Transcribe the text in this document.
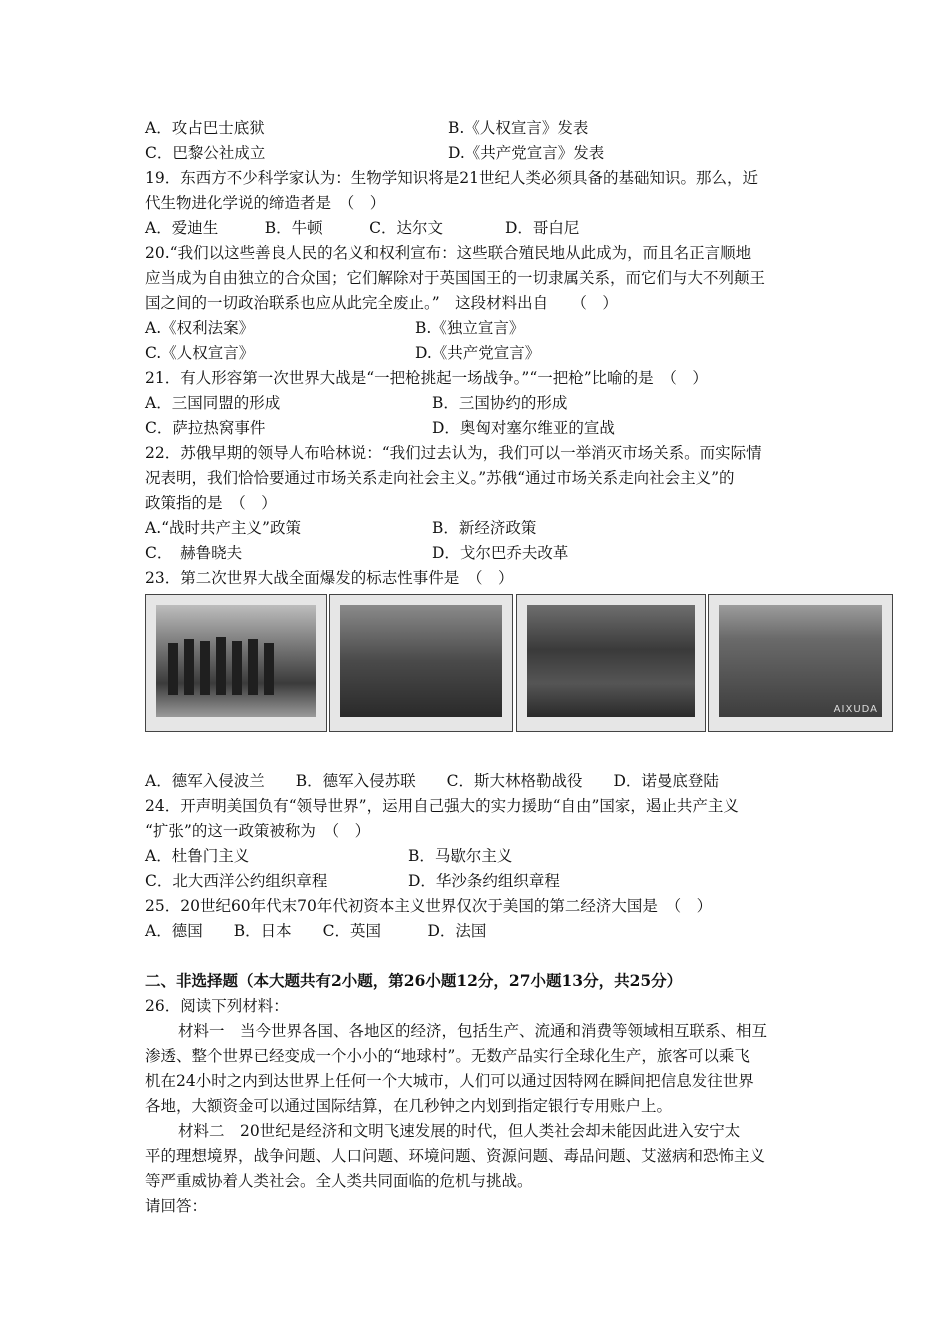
A．攻占巴士底狱	B.《人权宣言》发表
C．巴黎公社成立	D.《共产党宣言》发表
19．东西方不少科学家认为：生物学知识将是21世纪人类必须具备的基础知识。那么，近
代生物进化学说的缔造者是　（　）
A．爱迪生　　　B．牛顿　　　C．达尔文　　　　D．哥白尼
20.“我们以这些善良人民的名义和权利宣布：这些联合殖民地从此成为，而且名正言顺地
应当成为自由独立的合众国；它们解除对于英国国王的一切隶属关系，而它们与大不列颠王
国之间的一切政治联系也应从此完全废止。”　这段材料出自　　（　）
A.《权利法案》	B.《独立宣言》
C.《人权宣言》	D.《共产党宣言》
21．有人形容第一次世界大战是“一把枪挑起一场战争。”“一把枪”比喻的是　（　）
A．三国同盟的形成	B．三国协约的形成
C．萨拉热窝事件	D．奥匈对塞尔维亚的宣战
22．苏俄早期的领导人布哈林说：“我们过去认为，我们可以一举消灭市场关系。而实际情
况表明，我们恰恰要通过市场关系走向社会主义。”苏俄“通过市场关系走向社会主义”的
政策指的是　（　）
A.“战时共产主义”政策	B．新经济政策
C．　赫鲁晓夫	D．戈尔巴乔夫改革
23．第二次世界大战全面爆发的标志性事件是　（　）
AIXUDA
A．德军入侵波兰　　B．德军入侵苏联　　C．斯大林格勒战役　　D．诺曼底登陆
24．开声明美国负有“领导世界”，运用自己强大的实力援助“自由”国家，遏止共产主义
“扩张”的这一政策被称为　（　）
A．杜鲁门主义	B．马歇尔主义
C．北大西洋公约组织章程	D．华沙条约组织章程
25．20世纪60年代末70年代初资本主义世界仅次于美国的第二经济大国是　（　）
A．德国　　B．日本　　C．英国　　　D．法国
二、非选择题（本大题共有2小题，第26小题12分，27小题13分，共25分）
26．阅读下列材料：
材料一　当今世界各国、各地区的经济，包括生产、流通和消费等领域相互联系、相互
渗透、整个世界已经变成一个小小的“地球村”。无数产品实行全球化生产，旅客可以乘飞
机在24小时之内到达世界上任何一个大城市，人们可以通过因特网在瞬间把信息发往世界
各地，大额资金可以通过国际结算，在几秒钟之内划到指定银行专用账户上。
材料二　20世纪是经济和文明飞速发展的时代，但人类社会却未能因此进入安宁太
平的理想境界，战争问题、人口问题、环境问题、资源问题、毒品问题、艾滋病和恐怖主义
等严重威协着人类社会。全人类共同面临的危机与挑战。
请回答：
